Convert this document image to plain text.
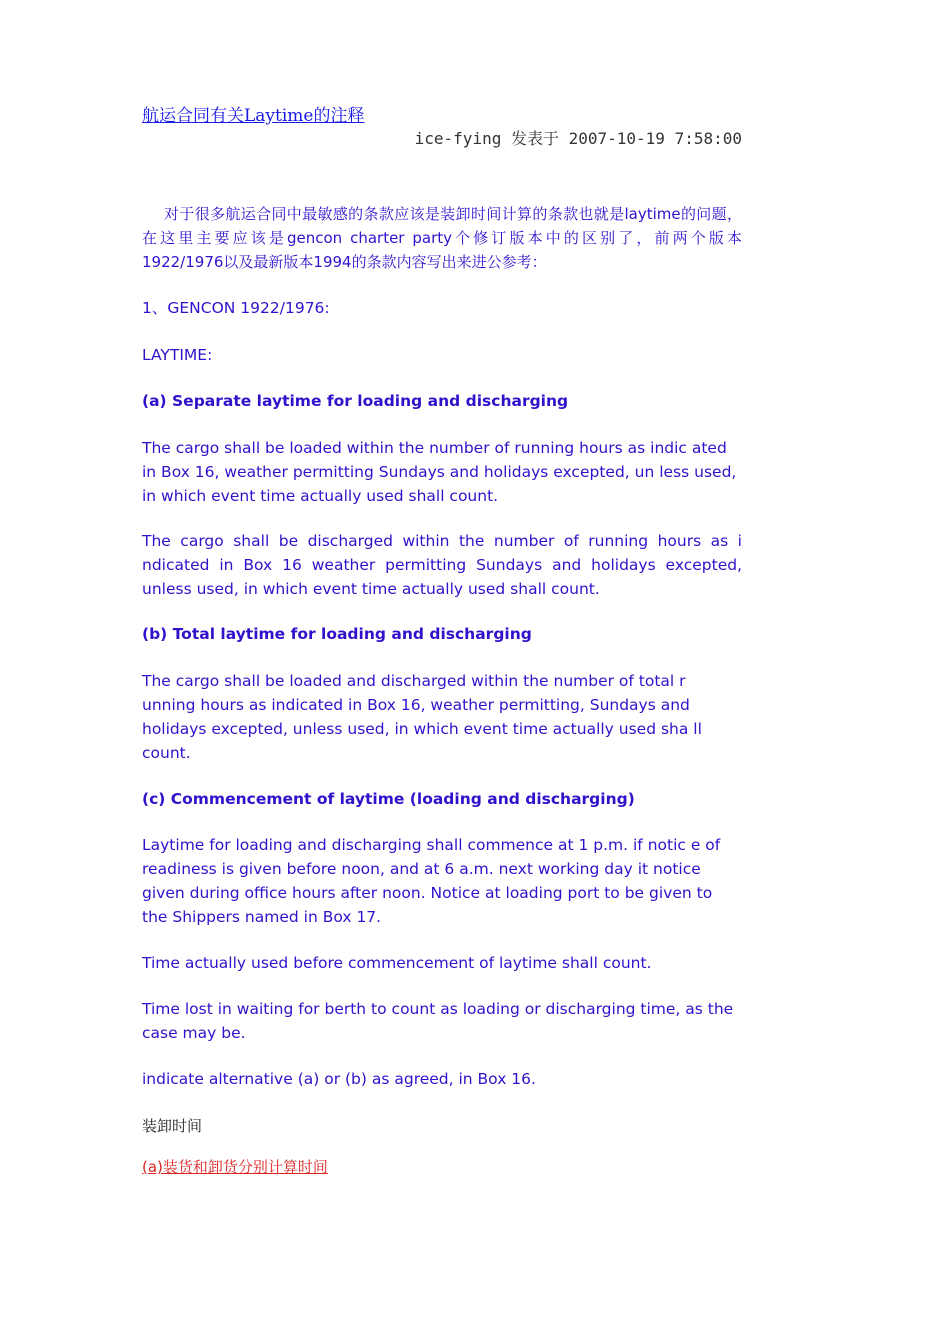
航运合同有关Laytime的注释
ice-fying 发表于 2007-10-19 7:58:00

对于很多航运合同中最敏感的条款应该是装卸时间计算的条款也就是laytime的问题，在这里主要应该是gencon charter party个修订版本中的区别了，前两个版本1922/1976以及最新版本1994的条款内容写出来进公参考：

1、GENCON 1922/1976:

LAYTIME:

(a) Separate laytime for loading and discharging

The cargo shall be loaded within the number of running hours as indic ated in Box 16, weather permitting Sundays and holidays excepted, un less used, in which event time actually used shall count.

The cargo shall be discharged within the number of running hours as i ndicated in Box 16 weather permitting Sundays and holidays excepted, unless used, in which event time actually used shall count.

(b) Total laytime for loading and discharging

The cargo shall be loaded and discharged within the number of total r unning hours as indicated in Box 16, weather permitting, Sundays and holidays excepted, unless used, in which event time actually used sha ll count.

(c) Commencement of laytime (loading and discharging)

Laytime for loading and discharging shall commence at 1 p.m. if notic e of readiness is given before noon, and at 6 a.m. next working day it notice given during office hours after noon. Notice at loading port to be given to the Shippers named in Box 17.

Time actually used before commencement of laytime shall count.

Time lost in waiting for berth to count as loading or discharging time, as the case may be.

indicate alternative (a) or (b) as agreed, in Box 16.

装卸时间

(a)装货和卸货分别计算时间
